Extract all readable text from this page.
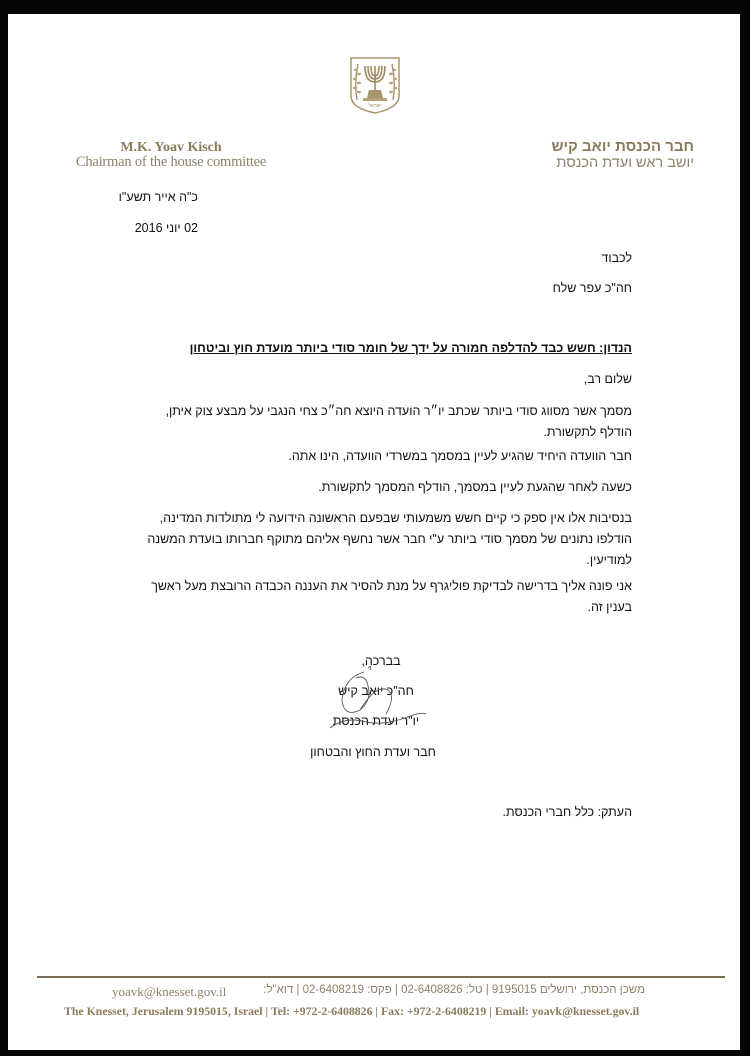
ישראל
M.K. Yoav Kisch
Chairman of the house committee
חבר הכנסת יואב קיש
יושב ראש ועדת הכנסת
כ"ה אייר תשע"ו
02 יוני 2016
לכבוד
חה"כ עפר שלח
הנדון: חשש כבד להדלפה חמורה על ידך של חומר סודי ביותר מועדת חוץ וביטחון
שלום רב,
מסמך אשר מסווג סודי ביותר שכתב יו״ר הועדה היוצא חה״כ צחי הנגבי על מבצע צוק איתן, הודלף לתקשורת.
חבר הוועדה היחיד שהגיע לעיין במסמך במשרדי הוועדה, הינו אתה.
כשעה לאחר שהגעת לעיין במסמך, הודלף המסמך לתקשורת.
בנסיבות אלו אין ספק כי קיים חשש משמעותי שבפעם הראשונה הידועה לי מתולדות המדינה, הודלפו נתונים של מסמך סודי ביותר ע"י חבר אשר נחשף אליהם מתוקף חברותו בועדת המשנה למודיעין.
אני פונה אליך בדרישה לבדיקת פוליגרף על מנת להסיר את העננה הכבדה הרובצת מעל ראשך בענין זה.
בברכה,
חה"כ יואב קיש
יו"ר ועדת הכנסת
חבר ועדת החוץ והבטחון
העתק: כלל חברי הכנסת.
משכן הכנסת, ירושלים 9195015 | טל: 02-6408826 | פקס: 02-6408219 | דוא"ל:
yoavk@knesset.gov.il
The Knesset, Jerusalem 9195015, Israel | Tel: +972-2-6408826 | Fax: +972-2-6408219 | Email: yoavk@knesset.gov.il
